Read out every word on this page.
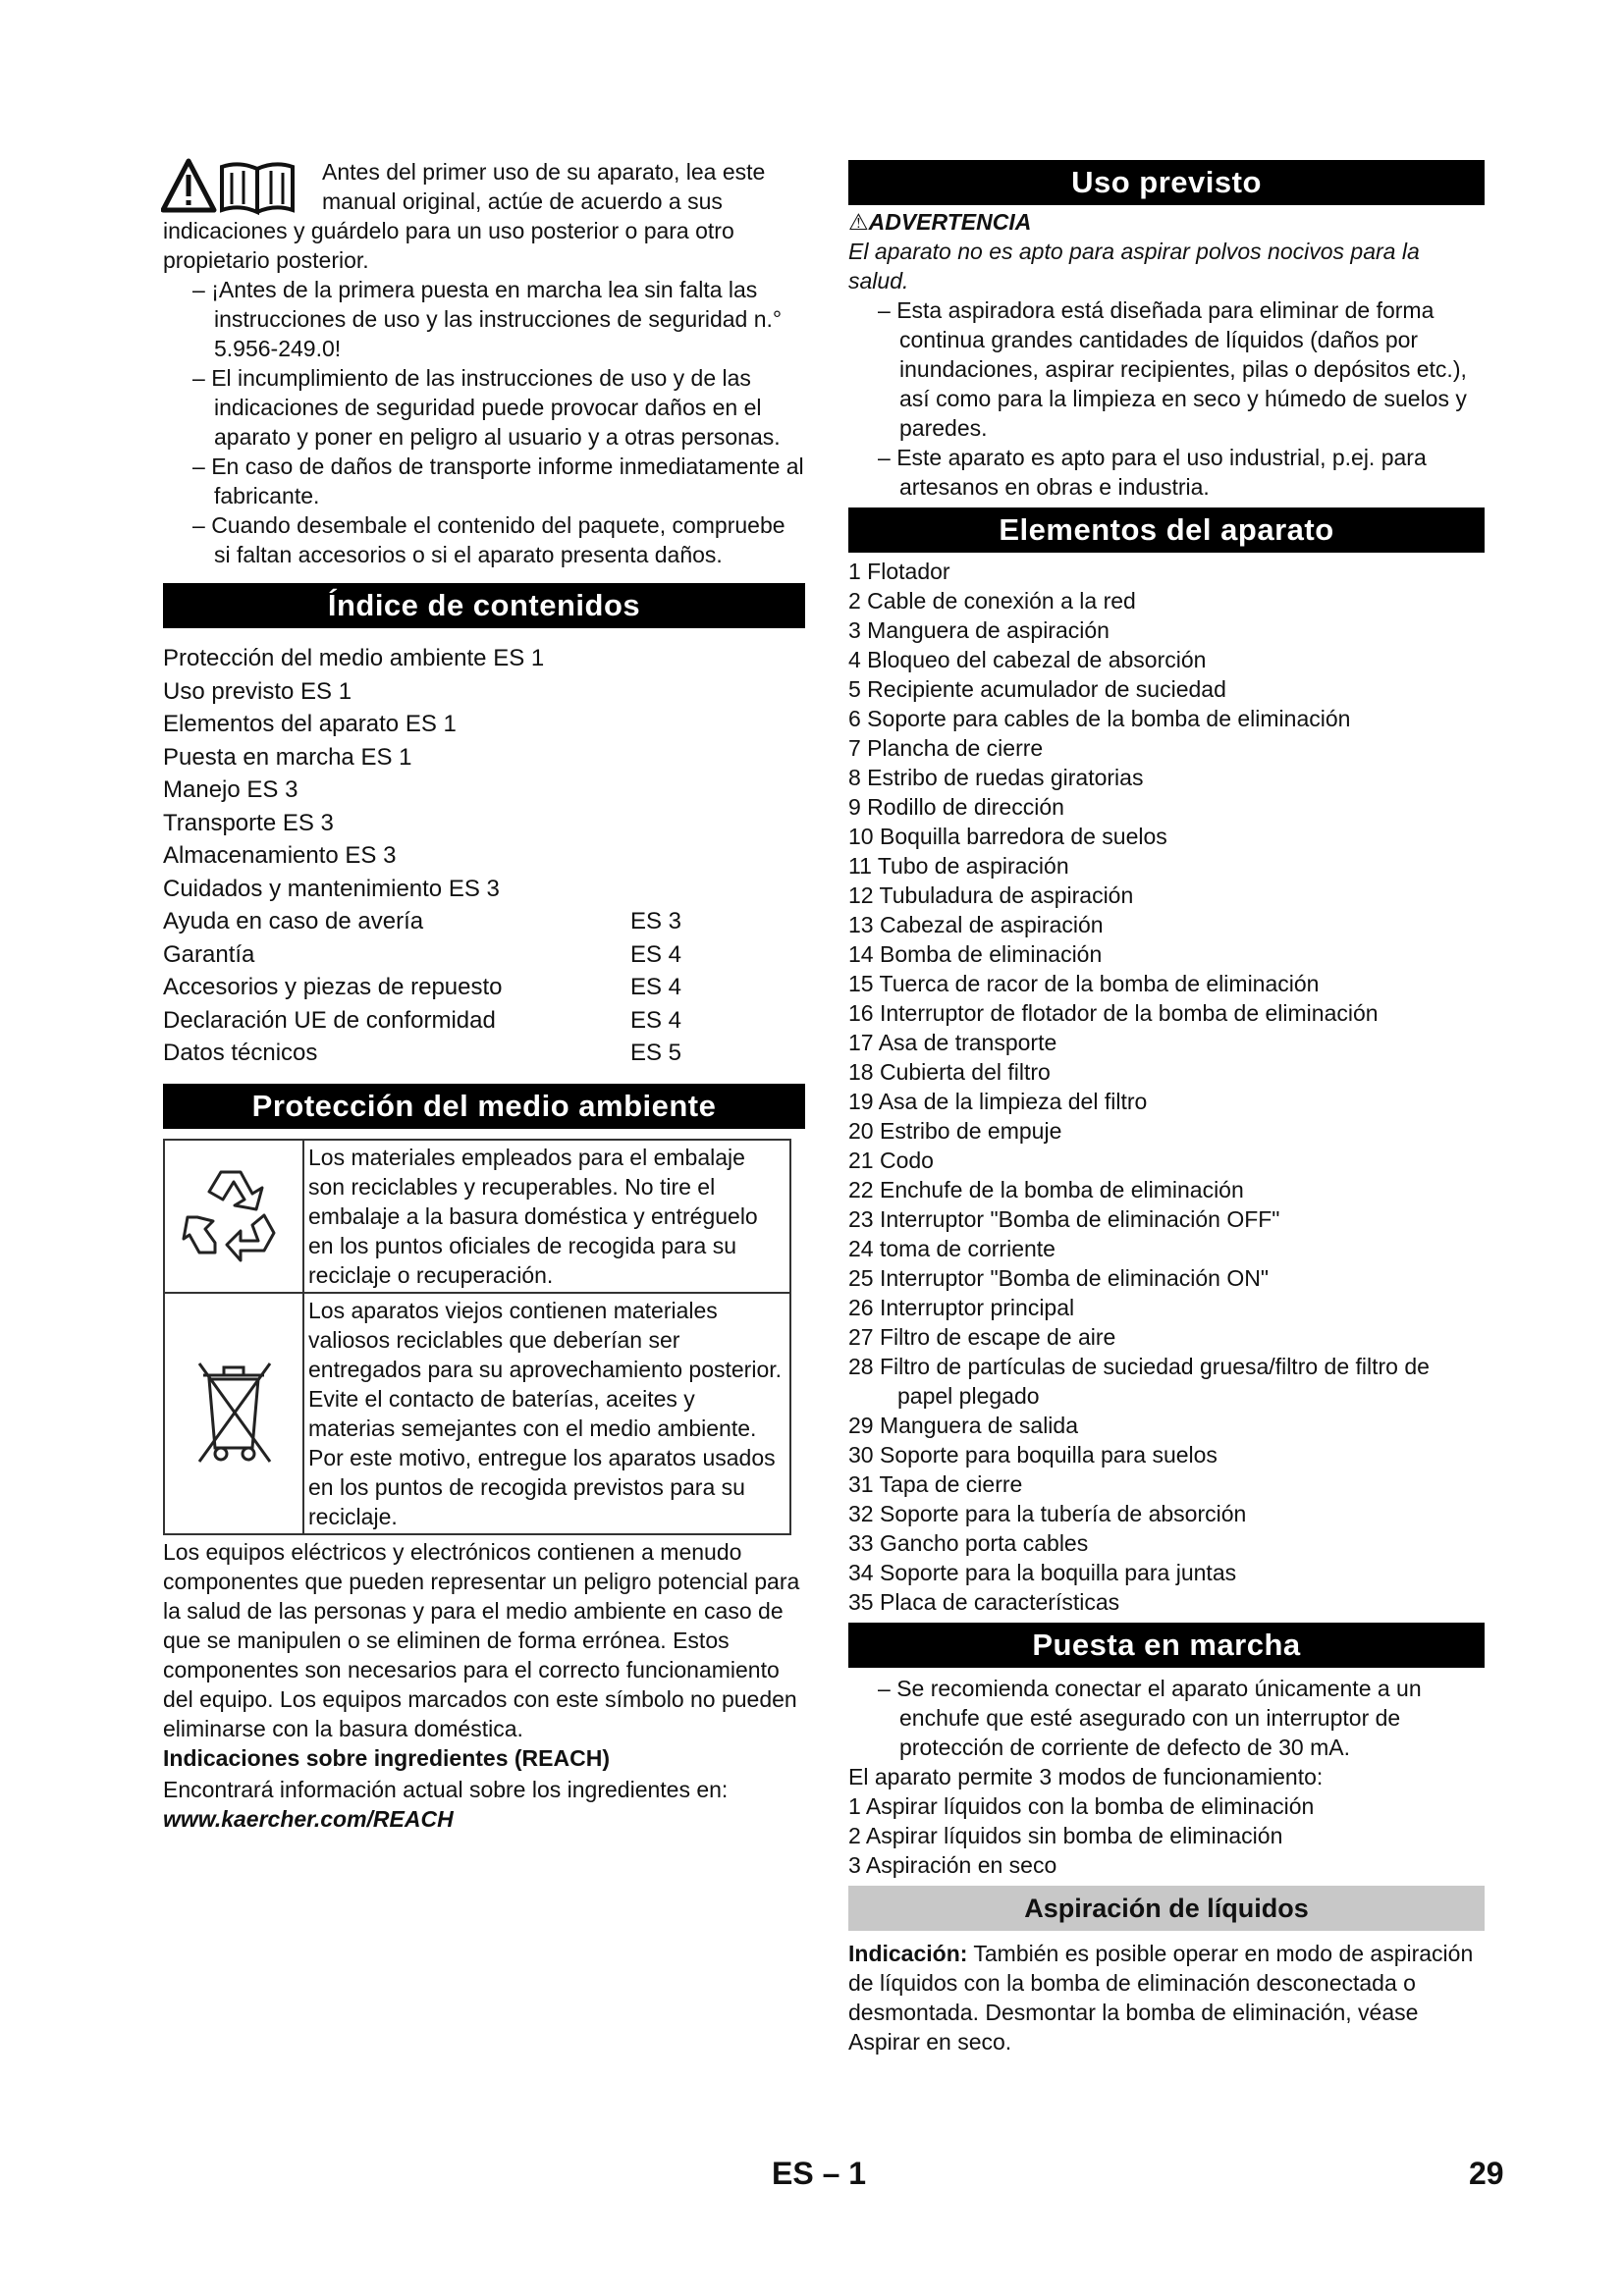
Antes del primer uso de su aparato, lea este manual original, actúe de acuerdo a sus indicaciones y guárdelo para un uso posterior o para otro propietario posterior.

– ¡Antes de la primera puesta en marcha lea sin falta las instrucciones de uso y las instrucciones de seguridad n.° 5.956-249.0!

– El incumplimiento de las instrucciones de uso y de las indicaciones de seguridad puede provocar daños en el aparato y poner en peligro al usuario y a otras personas.

– En caso de daños de transporte informe inmediatamente al fabricante.

– Cuando desembale el contenido del paquete, compruebe si faltan accesorios o si el aparato presenta daños.

Índice de contenidos
Protección del medio ambiente ES 1
Uso previsto ES 1
Elementos del aparato ES 1
Puesta en marcha ES 1
Manejo ES 3
Transporte ES 3
Almacenamiento ES 3
Cuidados y mantenimiento ES 3
Ayuda en caso de avería	ES 3
Garantía	ES 4
Accesorios y piezas de repuesto	ES 4
Declaración UE de conformidad	ES 4
Datos técnicos	ES 5
Protección del medio ambiente
	Los materiales empleados para el embalaje son reciclables y recuperables. No tire el embalaje a la basura doméstica y entréguelo en los puntos oficiales de recogida para su reciclaje o recuperación.
	Los aparatos viejos contienen materiales valiosos reciclables que deberían ser entregados para su aprovechamiento posterior. Evite el contacto de baterías, aceites y materias semejantes con el medio ambiente. Por este motivo, entregue los aparatos usados en los puntos de recogida previstos para su reciclaje.

Los equipos eléctricos y electrónicos contienen a menudo componentes que pueden representar un peligro potencial para la salud de las personas y para el medio ambiente en caso de que se manipulen o se eliminen de forma errónea. Estos componentes son necesarios para el correcto funcionamiento del equipo. Los equipos marcados con este símbolo no pueden eliminarse con la basura doméstica.

Indicaciones sobre ingredientes (REACH)

Encontrará información actual sobre los ingredientes en:

www.kaercher.com/REACH

Uso previsto

⚠ADVERTENCIA

El aparato no es apto para aspirar polvos nocivos para la salud.

– Esta aspiradora está diseñada para eliminar de forma continua grandes cantidades de líquidos (daños por inundaciones, aspirar recipientes, pilas o depósitos etc.), así como para la limpieza en seco y húmedo de suelos y paredes.

– Este aparato es apto para el uso industrial, p.ej. para artesanos en obras e industria.

Elementos del aparato
1 Flotador
2 Cable de conexión a la red
3 Manguera de aspiración
4 Bloqueo del cabezal de absorción
5 Recipiente acumulador de suciedad
6 Soporte para cables de la bomba de eliminación
7 Plancha de cierre
8 Estribo de ruedas giratorias
9 Rodillo de dirección
10 Boquilla barredora de suelos
11 Tubo de aspiración
12 Tubuladura de aspiración
13 Cabezal de aspiración
14 Bomba de eliminación
15 Tuerca de racor de la bomba de eliminación
16 Interruptor de flotador de la bomba de eliminación
17 Asa de transporte
18 Cubierta del filtro
19 Asa de la limpieza del filtro
20 Estribo de empuje
21 Codo
22 Enchufe de la bomba de eliminación
23 Interruptor "Bomba de eliminación OFF"
24 toma de corriente
25 Interruptor "Bomba de eliminación ON"
26 Interruptor principal
27 Filtro de escape de aire
28 Filtro de partículas de suciedad gruesa/filtro de filtro de papel plegado
29 Manguera de salida
30 Soporte para boquilla para suelos
31 Tapa de cierre
32 Soporte para la tubería de absorción
33 Gancho porta cables
34 Soporte para la boquilla para juntas
35 Placa de características
Puesta en marcha

– Se recomienda conectar el aparato únicamente a un enchufe que esté asegurado con un interruptor de protección de corriente de defecto de 30 mA.

El aparato permite 3 modos de funcionamiento:

1 Aspirar líquidos con la bomba de eliminación

2 Aspirar líquidos sin bomba de eliminación

3 Aspiración en seco

Aspiración de líquidos

Indicación: También es posible operar en modo de aspiración de líquidos con la bomba de eliminación desconectada o desmontada. Desmontar la bomba de eliminación, véase Aspirar en seco.

ES – 1	29
